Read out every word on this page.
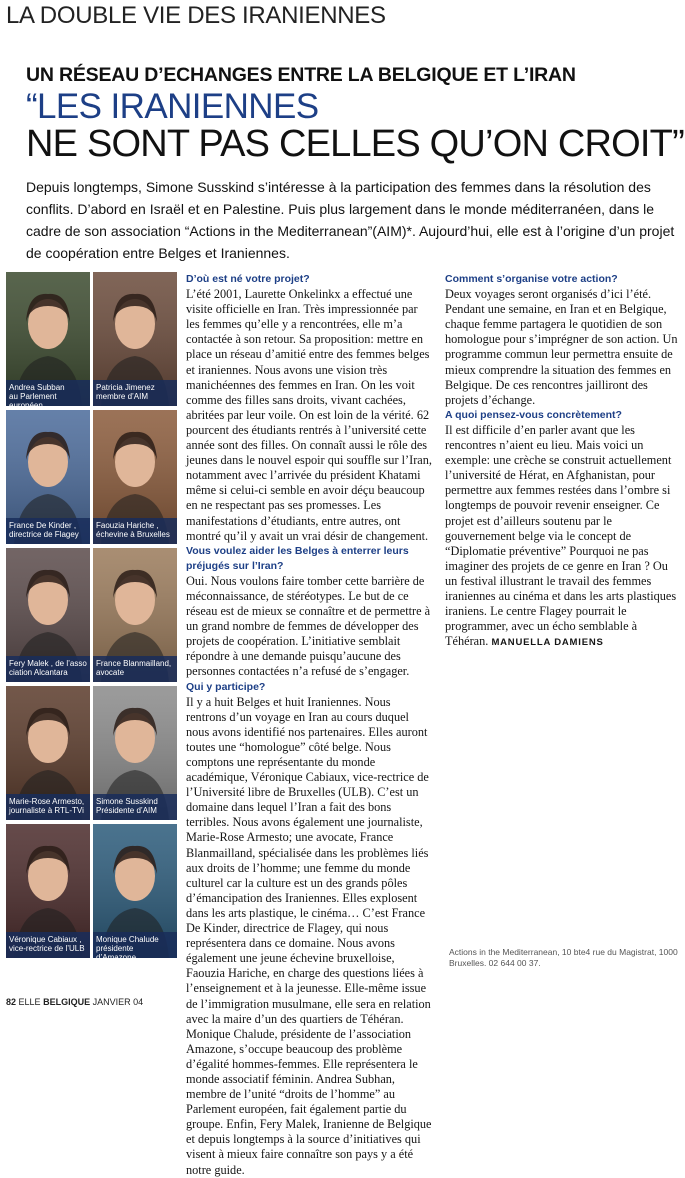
LA DOUBLE VIE DES IRANIENNES
UN RÉSEAU D’ECHANGES ENTRE LA BELGIQUE ET L’IRAN
“LES IRANIENNES
NE SONT PAS CELLES QU’ON CROIT”
Depuis longtemps, Simone Susskind s’intéresse à la participation des femmes dans la résolution des conflits. D’abord en Israël et en Palestine. Puis plus largement dans le monde méditerranéen, dans le cadre de son association “Actions in the Mediterranean”(AIM)*. Aujourd’hui, elle est à l’origine d’un projet de coopération entre Belges et Iraniennes.
Andrea Subban
au Parlement européen
Patricia Jimenez
membre d’AIM
France De Kinder ,
directrice de Flagey
Faouzia Hariche ,
échevine à Bruxelles
Fery Malek , de l’asso
ciation Alcantara
France Blanmailland,
avocate
Marie-Rose Armesto,
journaliste à RTL-TVi
Simone Susskind
Présidente d’AIM
Véronique Cabiaux ,
vice-rectrice de l’ULB
Monique Chalude
présidente d’Amazone

D’où est né votre projet?

L’été 2001, Laurette Onkelinkx a effectué une visite officielle en Iran. Très impressionnée par les femmes qu’elle y a rencontrées, elle m’a contactée à son retour. Sa proposition: mettre en place un réseau d’amitié entre des femmes belges et iraniennes. Nous avons une vision très manichéennes des femmes en Iran. On les voit comme des filles sans droits, vivant cachées, abritées par leur voile. On est loin de la vérité. 62 pourcent des étudiants rentrés à l’université cette année sont des filles. On connaît aussi le rôle des jeunes dans le nouvel espoir qui souffle sur l’Iran, notamment avec l’arrivée du président Khatami même si celui-ci semble en avoir déçu beaucoup en ne respectant pas ses promesses. Les manifestations d’étudiants, entre autres, ont montré qu’il y avait un vrai désir de changement.

Vous voulez aider les Belges à enterrer leurs préjugés sur l’Iran?

Oui. Nous voulons faire tomber cette barrière de méconnaissance, de stéréotypes. Le but de ce réseau est de mieux se connaître et de permettre à un grand nombre de femmes de développer des projets de coopération. L’initiative semblait répondre à une demande puisqu’aucune des personnes contactées n’a refusé de s’engager.

Qui y participe?

Il y a huit Belges et huit Iraniennes. Nous rentrons d’un voyage en Iran au cours duquel nous avons identifié nos partenaires. Elles auront toutes une “homologue” côté belge. Nous comptons une représentante du monde académique, Véronique Cabiaux, vice-rectrice de l’Université libre de Bruxelles (ULB). C’est un domaine dans lequel l’Iran a fait des bons terribles. Nous avons également une journaliste, Marie-Rose Armesto; une avocate, France Blanmailland, spécialisée dans les problèmes liés aux droits de l’homme; une femme du monde culturel car la culture est un des grands pôles d’émancipation des Iraniennes. Elles explosent dans les arts plastique, le cinéma… C’est France De Kinder, directrice de Flagey, qui nous représentera dans ce domaine. Nous avons également une jeune échevine bruxelloise, Faouzia Hariche, en charge des questions liées à l’enseignement et à la jeunesse. Elle-même issue de l’immigration musulmane, elle sera en relation avec la maire d’un des quartiers de Téhéran. Monique Chalude, présidente de l’association Amazone, s’occupe beaucoup des problème d’égalité hommes-femmes. Elle représentera le monde associatif féminin. Andrea Subhan, membre de l’unité “droits de l’homme” au Parlement européen, fait également partie du groupe. Enfin, Fery Malek, Iranienne de Belgique et depuis longtemps à la source d’initiatives qui visent à mieux faire connaître son pays y a été notre guide.

Comment s’organise votre action?

Deux voyages seront organisés d’ici l’été. Pendant une semaine, en Iran et en Belgique, chaque femme partagera le quotidien de son homologue pour s’imprégner de son action. Un programme commun leur permettra ensuite de mieux comprendre la situation des femmes en Belgique. De ces rencontres jailliront des projets d’échange.

A quoi pensez-vous concrètement?

Il est difficile d’en parler avant que les rencontres n’aient eu lieu. Mais voici un exemple: une crèche se construit actuellement l’université de Hérat, en Afghanistan, pour permettre aux femmes restées dans l’ombre si longtemps de pouvoir revenir enseigner. Ce projet est d’ailleurs soutenu par le gouvernement belge via le concept de “Diplomatie préventive” Pourquoi ne pas imaginer des projets de ce genre en Iran ? Ou un festival illustrant le travail des femmes iraniennes au cinéma et dans les arts plastiques iraniens. Le centre Flagey pourrait le programmer, avec un écho semblable à Téhéran. MANUELLA DAMIENS

Actions in the Mediterranean, 10 bte4 rue du Magistrat, 1000 Bruxelles. 02 644 00 37.
82 ELLE BELGIQUE JANVIER 04
